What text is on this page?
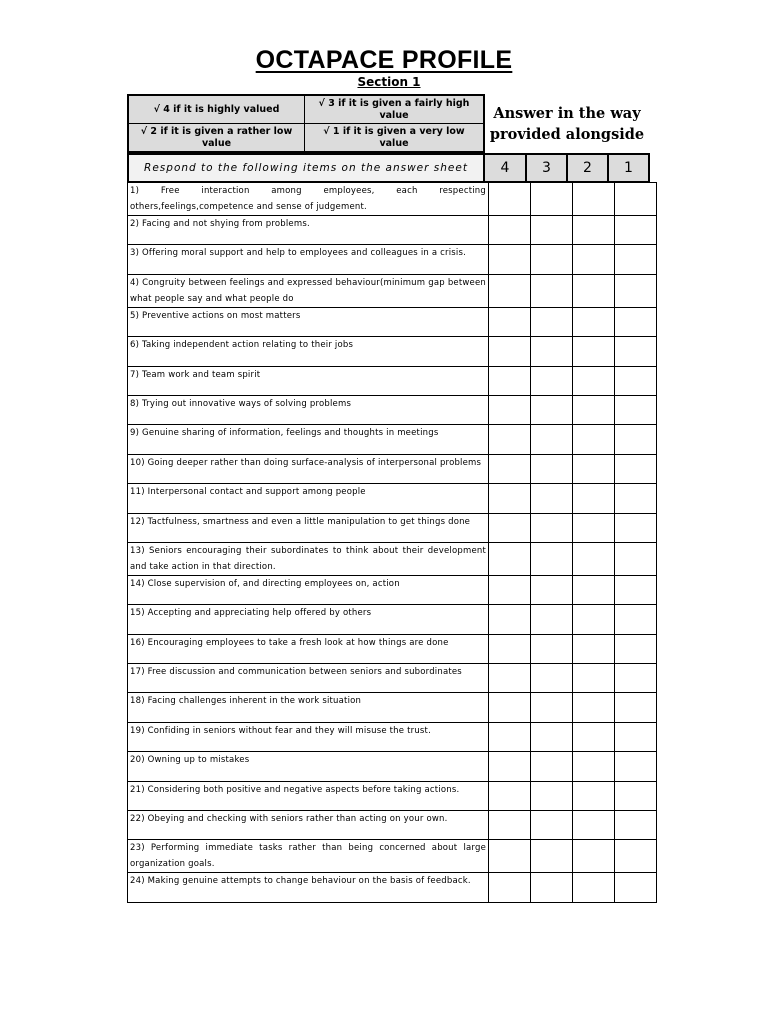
OCTAPACE PROFILE
Section 1
√ 4 if it is highly valued
√ 3 if it is given a fairly high value
√ 2 if it is given a rather low value
√ 1 if it is given a very low value
Answer in the way provided alongside
Respond to the following items on the answer sheet	4	3	2	1
1) Free interaction among employees, each respecting others,feelings,competence and sense of judgement.				
2) Facing and not shying from problems.				
3) Offering moral support and help to employees and colleagues in a crisis.				
4) Congruity between feelings and expressed behaviour(minimum gap between what people say and what people do				
5) Preventive actions on most matters				
6) Taking independent action relating to their jobs				
7) Team work and team spirit				
8) Trying out innovative ways of solving problems				
9) Genuine sharing of information, feelings and thoughts in meetings				
10) Going deeper rather than doing surface-analysis of interpersonal problems				
11) Interpersonal contact and support among people				
12) Tactfulness, smartness and even a little manipulation to get things done				
13) Seniors encouraging their subordinates to think about their development and take action in that direction.				
14) Close supervision of, and directing employees on, action				
15) Accepting and appreciating help offered by others				
16) Encouraging employees to take a fresh look at how things are done				
17) Free discussion and communication between seniors and subordinates				
18) Facing challenges inherent in the work situation				
19) Confiding in seniors without fear and they will misuse the trust.				
20) Owning up to mistakes				
21) Considering both positive and negative aspects before taking actions.				
22) Obeying and checking with seniors rather than acting on your own.				
23) Performing immediate tasks rather than being concerned about large organization goals.				
24) Making genuine attempts to change behaviour on the basis of feedback.				
